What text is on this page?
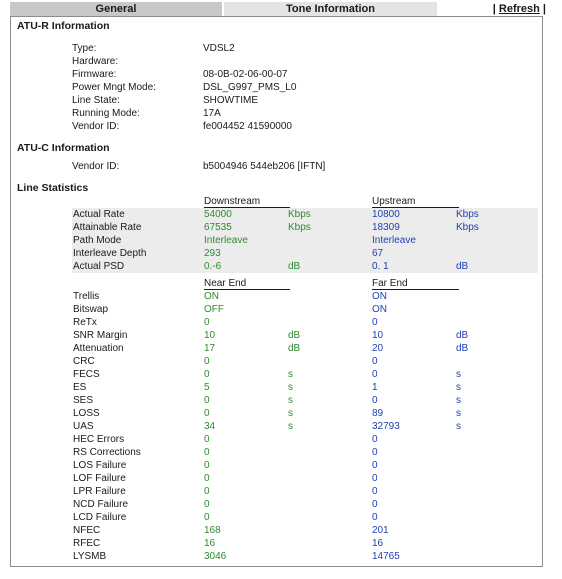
General	Tone Information	| Refresh |
ATU-R Information
Type:	VDSL2
Hardware:
Firmware:	08-0B-02-06-00-07
Power Mngt Mode:	DSL_G997_PMS_L0
Line State:	SHOWTIME
Running Mode:	17A
Vendor ID:	fe004452 41590000
ATU-C Information
Vendor ID:	b5004946 544eb206 [IFTN]
Line Statistics
Downstream	Upstream
Actual Rate	54000	Kbps	10800	Kbps
Attainable Rate	67535	Kbps	18309	Kbps
Path Mode	Interleave	Interleave
Interleave Depth	293	67
Actual PSD	0.-6	dB	0. 1	dB
Near End	Far End
Trellis	ON	ON
Bitswap	OFF	ON
ReTx	0	0
SNR Margin	10	dB	10	dB
Attenuation	17	dB	20	dB
CRC	0	0
FECS	0	s	0	s
ES	5	s	1	s
SES	0	s	0	s
LOSS	0	s	89	s
UAS	34	s	32793	s
HEC Errors	0	0
RS Corrections	0	0
LOS Failure	0	0
LOF Failure	0	0
LPR Failure	0	0
NCD Failure	0	0
LCD Failure	0	0
NFEC	168	201
RFEC	16	16
LYSMB	3046	14765
